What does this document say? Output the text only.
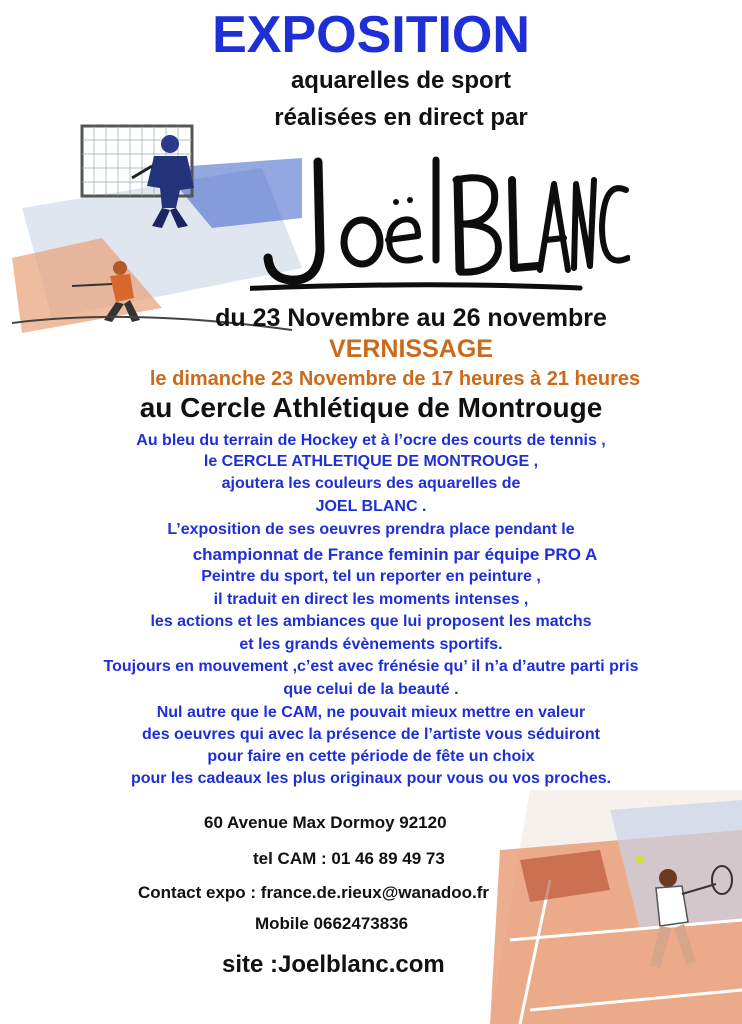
EXPOSITION
aquarelles de sport
réalisées en direct par
du 23 Novembre au 26 novembre
VERNISSAGE
le dimanche 23 Novembre de 17 heures à 21 heures
au Cercle Athlétique de Montrouge
Au bleu du terrain de Hockey et à l’ocre des courts de tennis ,
le CERCLE ATHLETIQUE DE MONTROUGE ,
ajoutera les couleurs des aquarelles de
JOEL BLANC .
L’exposition de ses oeuvres prendra place pendant le
championnat de France feminin par équipe PRO A
Peintre du sport, tel un reporter en peinture ,
il traduit en direct les moments intenses ,
les actions et les ambiances que lui proposent les matchs
et les grands évènements sportifs.
Toujours en mouvement ,c’est avec frénésie qu’ il n’a d’autre parti pris
que celui de la beauté .
Nul autre que le CAM, ne pouvait mieux mettre en valeur
des oeuvres qui avec la présence de l’artiste vous séduiront
pour faire en cette période de fête un choix
pour les cadeaux les plus originaux pour vous ou vos proches.
60 Avenue Max Dormoy 92120
tel CAM : 01 46 89 49 73
Contact expo : france.de.rieux@wanadoo.fr
Mobile 0662473836
site :Joelblanc.com
